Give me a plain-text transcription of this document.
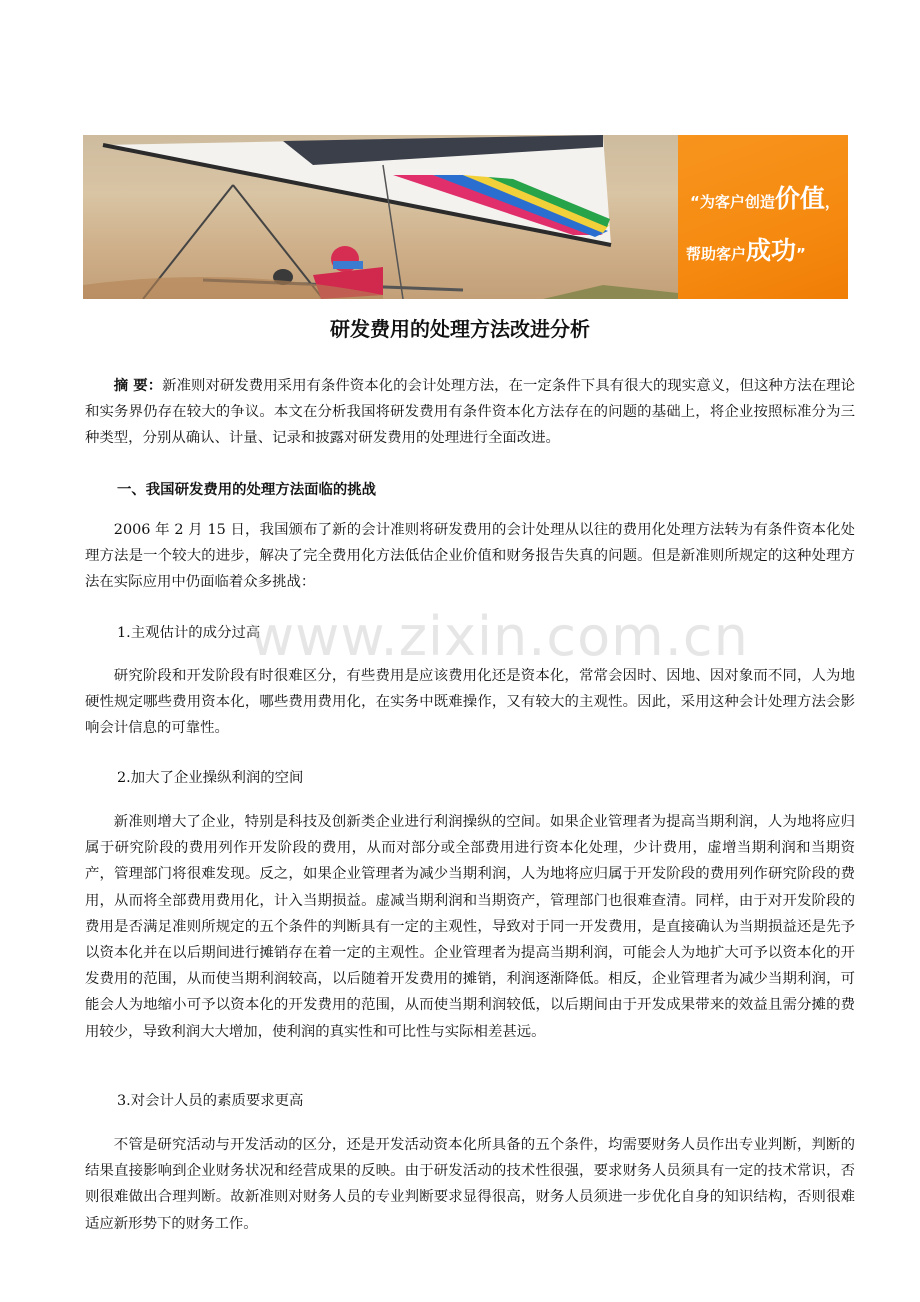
“为客户创造价值，
帮助客户成功”
研发费用的处理方法改进分析

摘 要：新准则对研发费用采用有条件资本化的会计处理方法，在一定条件下具有很大的现实意义，但这种方法在理论和实务界仍存在较大的争议。本文在分析我国将研发费用有条件资本化方法存在的问题的基础上，将企业按照标准分为三种类型，分别从确认、计量、记录和披露对研发费用的处理进行全面改进。

一、我国研发费用的处理方法面临的挑战

2006 年 2 月 15 日，我国颁布了新的会计准则将研发费用的会计处理从以往的费用化处理方法转为有条件资本化处理方法是一个较大的进步，解决了完全费用化方法低估企业价值和财务报告失真的问题。但是新准则所规定的这种处理方法在实际应用中仍面临着众多挑战：

1.主观估计的成分过高

研究阶段和开发阶段有时很难区分，有些费用是应该费用化还是资本化，常常会因时、因地、因对象而不同，人为地硬性规定哪些费用资本化，哪些费用费用化，在实务中既难操作，又有较大的主观性。因此，采用这种会计处理方法会影响会计信息的可靠性。

2.加大了企业操纵利润的空间

新准则增大了企业，特别是科技及创新类企业进行利润操纵的空间。如果企业管理者为提高当期利润，人为地将应归属于研究阶段的费用列作开发阶段的费用，从而对部分或全部费用进行资本化处理，少计费用，虚增当期利润和当期资产，管理部门将很难发现。反之，如果企业管理者为减少当期利润，人为地将应归属于开发阶段的费用列作研究阶段的费用，从而将全部费用费用化，计入当期损益。虚减当期利润和当期资产，管理部门也很难查清。同样，由于对开发阶段的费用是否满足准则所规定的五个条件的判断具有一定的主观性，导致对于同一开发费用，是直接确认为当期损益还是先予以资本化并在以后期间进行摊销存在着一定的主观性。企业管理者为提高当期利润，可能会人为地扩大可予以资本化的开发费用的范围，从而使当期利润较高，以后随着开发费用的摊销，利润逐渐降低。相反，企业管理者为减少当期利润，可能会人为地缩小可予以资本化的开发费用的范围，从而使当期利润较低，以后期间由于开发成果带来的效益且需分摊的费用较少，导致利润大大增加，使利润的真实性和可比性与实际相差甚远。

3.对会计人员的素质要求更高

不管是研究活动与开发活动的区分，还是开发活动资本化所具备的五个条件，均需要财务人员作出专业判断，判断的结果直接影响到企业财务状况和经营成果的反映。由于研发活动的技术性很强，要求财务人员须具有一定的技术常识，否则很难做出合理判断。故新准则对财务人员的专业判断要求显得很高，财务人员须进一步优化自身的知识结构，否则很难适应新形势下的财务工作。

www.zixin.com.cn
